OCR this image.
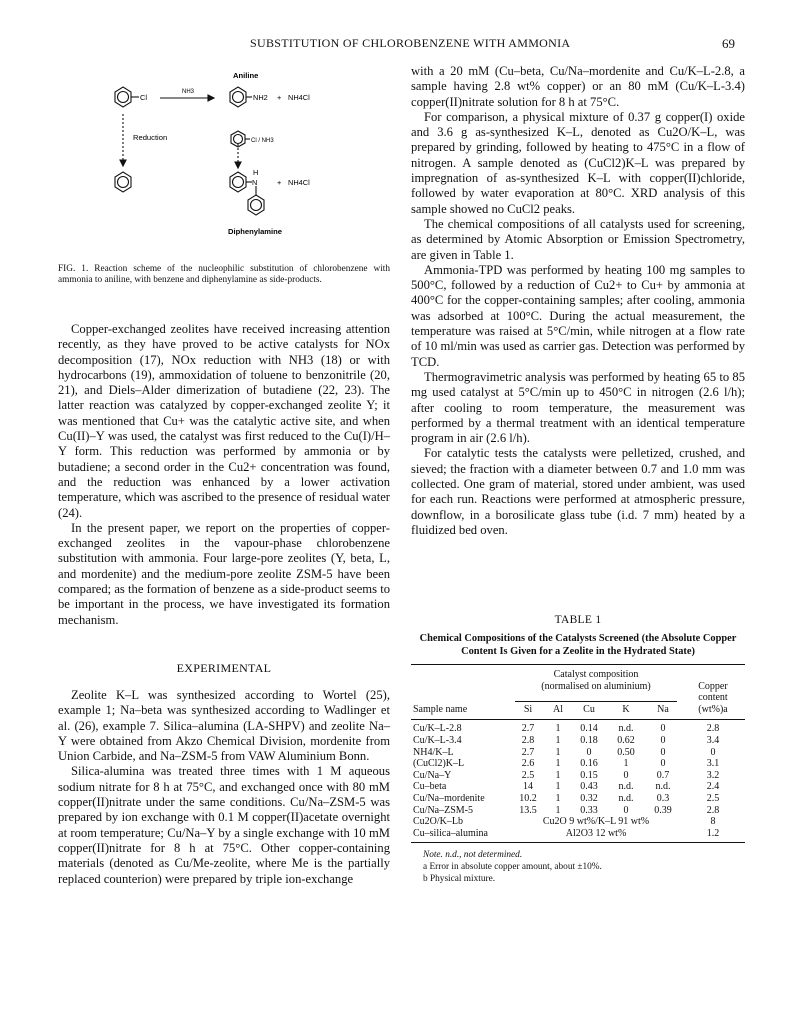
SUBSTITUTION OF CHLOROBENZENE WITH AMMONIA	69
Aniline
Cl
NH3
NH2 + NH4Cl
Reduction	Cl / NH3
H
N	+ NH4Cl
Diphenylamine
FIG. 1. Reaction scheme of the nucleophilic substitution of chlorobenzene with ammonia to aniline, with benzene and diphenylamine as side-products.

Copper-exchanged zeolites have received increasing attention recently, as they have proved to be active catalysts for NOx decomposition (17), NOx reduction with NH3 (18) or with hydrocarbons (19), ammoxidation of toluene to benzonitrile (20, 21), and Diels–Alder dimerization of butadiene (22, 23). The latter reaction was catalyzed by copper-exchanged zeolite Y; it was mentioned that Cu+ was the catalytic active site, and when Cu(II)–Y was used, the catalyst was first reduced to the Cu(I)/H–Y form. This reduction was performed by ammonia or by butadiene; a second order in the Cu2+ concentration was found, and the reduction was enhanced by a lower activation temperature, which was ascribed to the presence of residual water (24).

In the present paper, we report on the properties of copper-exchanged zeolites in the vapour-phase chlorobenzene substitution with ammonia. Four large-pore zeolites (Y, beta, L, and mordenite) and the medium-pore zeolite ZSM-5 have been compared; as the formation of benzene as a side-product seems to be important in the process, we have investigated its formation mechanism.

EXPERIMENTAL

Zeolite K–L was synthesized according to Wortel (25), example 1; Na–beta was synthesized according to Wadlinger et al. (26), example 7. Silica–alumina (LA-SHPV) and zeolite Na–Y were obtained from Akzo Chemical Division, mordenite from Union Carbide, and Na–ZSM-5 from VAW Aluminium Bonn.

Silica-alumina was treated three times with 1 M aqueous sodium nitrate for 8 h at 75°C, and exchanged once with 80 mM copper(II)nitrate under the same conditions. Cu/Na–ZSM-5 was prepared by ion exchange with 0.1 M copper(II)acetate overnight at room temperature; Cu/Na–Y by a single exchange with 10 mM copper(II)nitrate for 8 h at 75°C. Other copper-containing materials (denoted as Cu/Me-zeolite, where Me is the partially replaced counterion) were prepared by triple ion-exchange

with a 20 mM (Cu–beta, Cu/Na–mordenite and Cu/K–L-2.8, a sample having 2.8 wt% copper) or an 80 mM (Cu/K–L-3.4) copper(II)nitrate solution for 8 h at 75°C.

For comparison, a physical mixture of 0.37 g copper(I) oxide and 3.6 g as-synthesized K–L, denoted as Cu2O/K–L, was prepared by grinding, followed by heating to 475°C in a flow of nitrogen. A sample denoted as (CuCl2)K–L was prepared by impregnation of as-synthesized K–L with copper(II)chloride, followed by water evaporation at 80°C. XRD analysis of this sample showed no CuCl2 peaks.

The chemical compositions of all catalysts used for screening, as determined by Atomic Absorption or Emission Spectrometry, are given in Table 1.

Ammonia-TPD was performed by heating 100 mg samples to 500°C, followed by a reduction of Cu2+ to Cu+ by ammonia at 400°C for the copper-containing samples; after cooling, ammonia was adsorbed at 100°C. During the actual measurement, the temperature was raised at 5°C/min, while nitrogen at a flow rate of 10 ml/min was used as carrier gas. Detection was performed by TCD.

Thermogravimetric analysis was performed by heating 65 to 85 mg used catalyst at 5°C/min up to 450°C in nitrogen (2.6 l/h); after cooling to room temperature, the measurement was performed by a thermal treatment with an identical temperature program in air (2.6 l/h).

For catalytic tests the catalysts were pelletized, crushed, and sieved; the fraction with a diameter between 0.7 and 1.0 mm was collected. One gram of material, stored under ambient, was used for each run. Reactions were performed at atmospheric pressure, downflow, in a borosilicate glass tube (i.d. 7 mm) heated by a fluidized bed oven.

TABLE 1
Chemical Compositions of the Catalysts Screened (the Absolute Copper Content Is Given for a Zeolite in the Hydrated State)
	Catalyst composition					
	(normalised on aluminium)					Copper

					content
Sample name	Si	Al	Cu	K	Na	(wt%)a

Cu/K–L-2.8	2.7	1	0.14	n.d.	0	2.8
Cu/K–L-3.4	2.8	1	0.18	0.62	0	3.4
NH4/K–L	2.7	1	0	0.50	0	0
(CuCl2)K–L	2.6	1	0.16	1	0	3.1
Cu/Na–Y	2.5	1	0.15	0	0.7	3.2
Cu–beta	14	1	0.43	n.d.	n.d.	2.4
Cu/Na–mordenite	10.2	1	0.32	n.d.	0.3	2.5
Cu/Na–ZSM-5	13.5	1	0.33	0	0.39	2.8
Cu2O/K–Lb	Cu2O 9 wt%/K–L 91 wt%					8
Cu–silica–alumina	Al2O3 12 wt%					1.2
Note. n.d., not determined.
a Error in absolute copper amount, about ±10%.
b Physical mixture.
